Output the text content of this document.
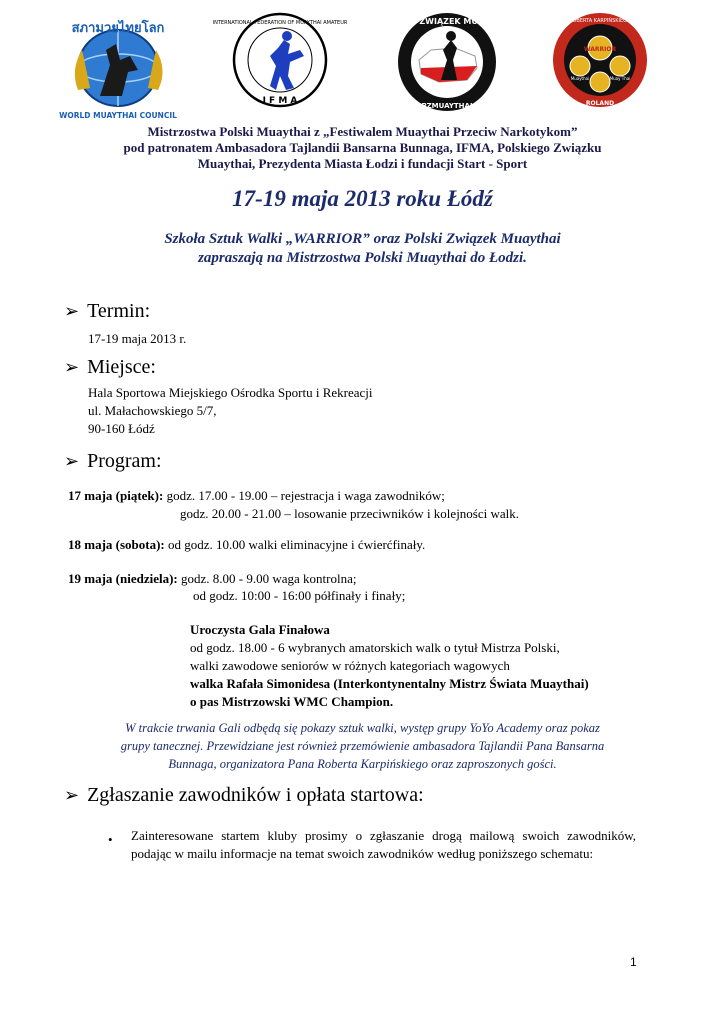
สภามวยไทยโลก
WORLD MUAYTHAI COUNCIL
INTERNATIONAL FEDERATION OF MUAYTHAI AMATEUR
I F M A
POLSKI ZWIĄZEK MUAYTHAI
PZMUAYTHAI
WARRIOR
Muaythai	Muay Thai
ROBERTA KARPIŃSKIEGO
ROLAND
Mistrzostwa Polski Muaythai z „Festiwalem Muaythai Przeciw Narkotykom”
pod patronatem Ambasadora Tajlandii Bansarna Bunnaga, IFMA, Polskiego Związku
Muaythai, Prezydenta Miasta Łodzi i fundacji Start - Sport
17-19 maja 2013 roku Łódź
Szkoła Sztuk Walki „WARRIOR” oraz Polski Związek Muaythai
zapraszają na Mistrzostwa Polski Muaythai do Łodzi.
➢ Termin:
17-19 maja 2013 r.
➢ Miejsce:
Hala Sportowa Miejskiego Ośrodka Sportu i Rekreacji
ul. Małachowskiego 5/7,
90-160 Łódź
➢ Program:
17 maja (piątek): godz. 17.00 - 19.00 – rejestracja i waga zawodników;
godz. 20.00 - 21.00 – losowanie przeciwników i kolejności walk.
18 maja (sobota): od godz. 10.00 walki eliminacyjne i ćwierćfinały.
19 maja (niedziela): godz. 8.00 - 9.00 waga kontrolna;
od godz. 10:00 - 16:00 półfinały i finały;
Uroczysta Gala Finałowa
od godz. 18.00 - 6 wybranych amatorskich walk o tytuł Mistrza Polski,
walki zawodowe seniorów w różnych kategoriach wagowych
walka Rafała Simonidesa (Interkontynentalny Mistrz Świata Muaythai)
o pas Mistrzowski WMC Champion.
W trakcie trwania Gali odbędą się pokazy sztuk walki, występ grupy YoYo Academy oraz pokaz
grupy tanecznej. Przewidziane jest również przemówienie ambasadora Tajlandii Pana Bansarna
Bunnaga, organizatora Pana Roberta Karpińskiego oraz zaproszonych gości.
➢ Zgłaszanie zawodników i opłata startowa:
• Zainteresowane startem kluby prosimy o zgłaszanie drogą mailową swoich zawodników, podając w mailu informacje na temat swoich zawodników według poniższego schematu:
1
